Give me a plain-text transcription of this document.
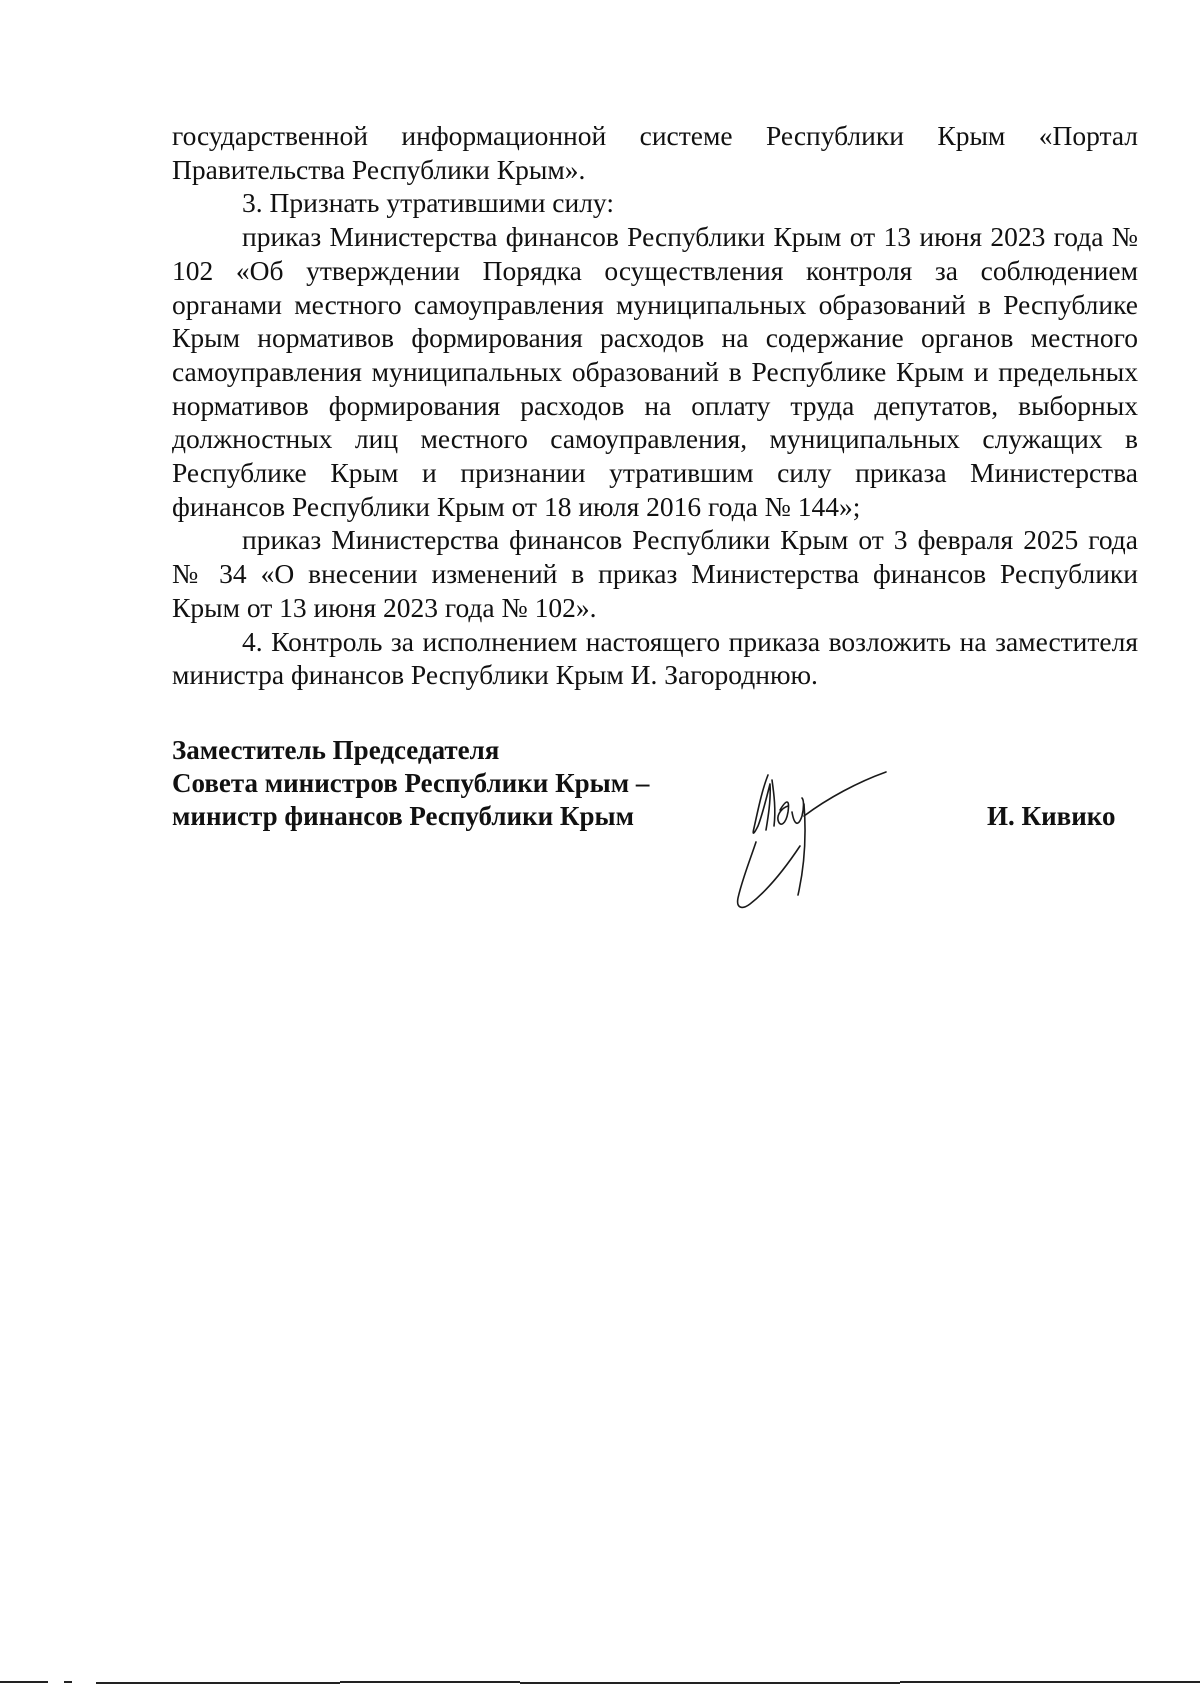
государственной информационной системе Республики Крым «Портал Правительства Республики Крым».

3. Признать утратившими силу:

приказ Министерства финансов Республики Крым от 13 июня 2023 года № 102 «Об утверждении Порядка осуществления контроля за соблюдением органами местного самоуправления муниципальных образований в Республике Крым нормативов формирования расходов на содержание органов местного самоуправления муниципальных образований в Республике Крым и предельных нормативов формирования расходов на оплату труда депутатов, выборных должностных лиц местного самоуправления, муниципальных служащих в Республике Крым и признании утратившим силу приказа Министерства финансов Республики Крым от 18 июля 2016 года № 144»;

приказ Министерства финансов Республики Крым от 3 февраля 2025 года № 34 «О внесении изменений в приказ Министерства финансов Республики Крым от 13 июня 2023 года № 102».

4. Контроль за исполнением настоящего приказа возложить на заместителя министра финансов Республики Крым И. Загороднюю.

Заместитель Председателя
Совета министров Республики Крым –
министр финансов Республики Крым	И. Кивико
